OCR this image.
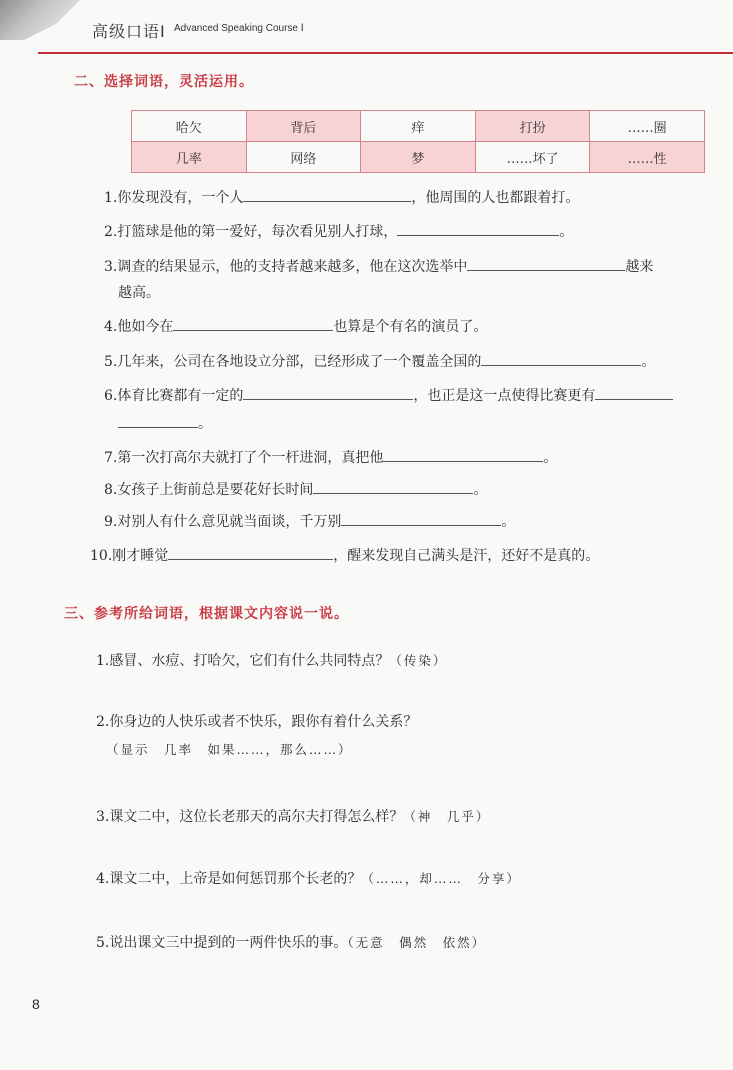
高级口语Ⅰ Advanced Speaking Course Ⅰ
二、选择词语，灵活运用。
哈欠	背后	痒	打扮	……圈
几率	网络	梦	……坏了	……性
1.你发现没有，一个人	，他周围的人也都跟着打。
2.打篮球是他的第一爱好，每次看见别人打球，	。
3.调查的结果显示，他的支持者越来越多，他在这次选举中	越来
越高。
4.他如今在	也算是个有名的演员了。
5.几年来，公司在各地设立分部，已经形成了一个覆盖全国的	。
6.体育比赛都有一定的	，也正是这一点使得比赛更有
。
7.第一次打高尔夫就打了个一杆进洞，真把他	。
8.女孩子上街前总是要花好长时间	。
9.对别人有什么意见就当面谈，千万别	。
10.刚才睡觉	，醒来发现自己满头是汗，还好不是真的。
三、参考所给词语，根据课文内容说一说。
1.感冒、水痘、打哈欠，它们有什么共同特点？（传染）
2.你身边的人快乐或者不快乐，跟你有着什么关系？
（显示　几率　如果……，那么……）
3.课文二中，这位长老那天的高尔夫打得怎么样？（神　几乎）
4.课文二中，上帝是如何惩罚那个长老的？（……，却……　分享）
5.说出课文三中提到的一两件快乐的事。（无意　偶然　依然）
8
